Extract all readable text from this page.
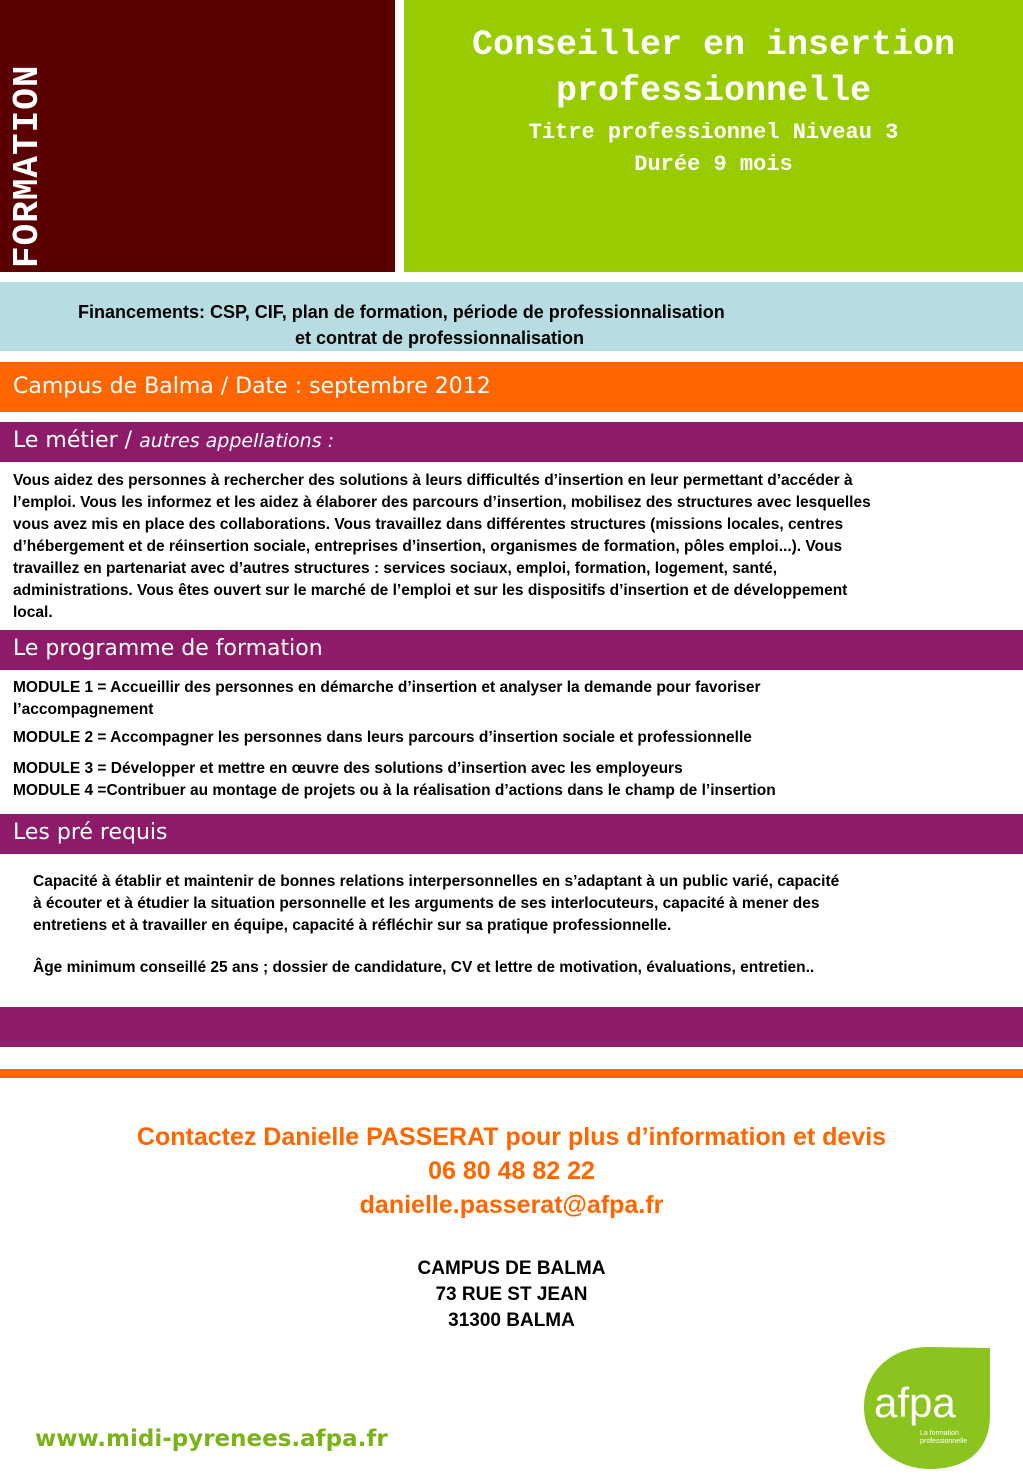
FORMATION
Conseiller en insertion
professionnelle
Titre professionnel Niveau 3
Durée 9 mois
Financements: CSP, CIF, plan de formation, période de professionnalisation
et contrat de professionnalisation
Campus de Balma / Date : septembre 2012
Le métier / autres appellations :
Vous aidez des personnes à rechercher des solutions à leurs difficultés d’insertion en leur permettant d’accéder à
l’emploi. Vous les informez et les aidez à élaborer des parcours d’insertion, mobilisez des structures avec lesquelles
vous avez mis en place des collaborations. Vous travaillez dans différentes structures (missions locales, centres
d’hébergement et de réinsertion sociale, entreprises d’insertion, organismes de formation, pôles emploi...). Vous
travaillez en partenariat avec d’autres structures : services sociaux, emploi, formation, logement, santé,
administrations. Vous êtes ouvert sur le marché de l’emploi et sur les dispositifs d’insertion et de développement
local.
Le programme de formation
MODULE 1 = Accueillir des personnes en démarche d’insertion et analyser la demande pour favoriser
l’accompagnement
MODULE 2 = Accompagner les personnes dans leurs parcours d’insertion sociale et professionnelle
MODULE 3 = Développer et mettre en œuvre des solutions d’insertion avec les employeurs
MODULE 4 =Contribuer au montage de projets ou à la réalisation d’actions dans le champ de l’insertion
Les pré requis
Capacité à établir et maintenir de bonnes relations interpersonnelles en s’adaptant à un public varié, capacité
à écouter et à étudier la situation personnelle et les arguments de ses interlocuteurs, capacité à mener des
entretiens et à travailler en équipe, capacité à réfléchir sur sa pratique professionnelle.
Âge minimum conseillé 25 ans ; dossier de candidature, CV et lettre de motivation, évaluations, entretien..
Contactez Danielle PASSERAT pour plus d’information et devis
06 80 48 82 22
danielle.passerat@afpa.fr
CAMPUS DE BALMA
73 RUE ST JEAN
31300 BALMA
www.midi-pyrenees.afpa.fr
afpa
La formation
professionnelle
